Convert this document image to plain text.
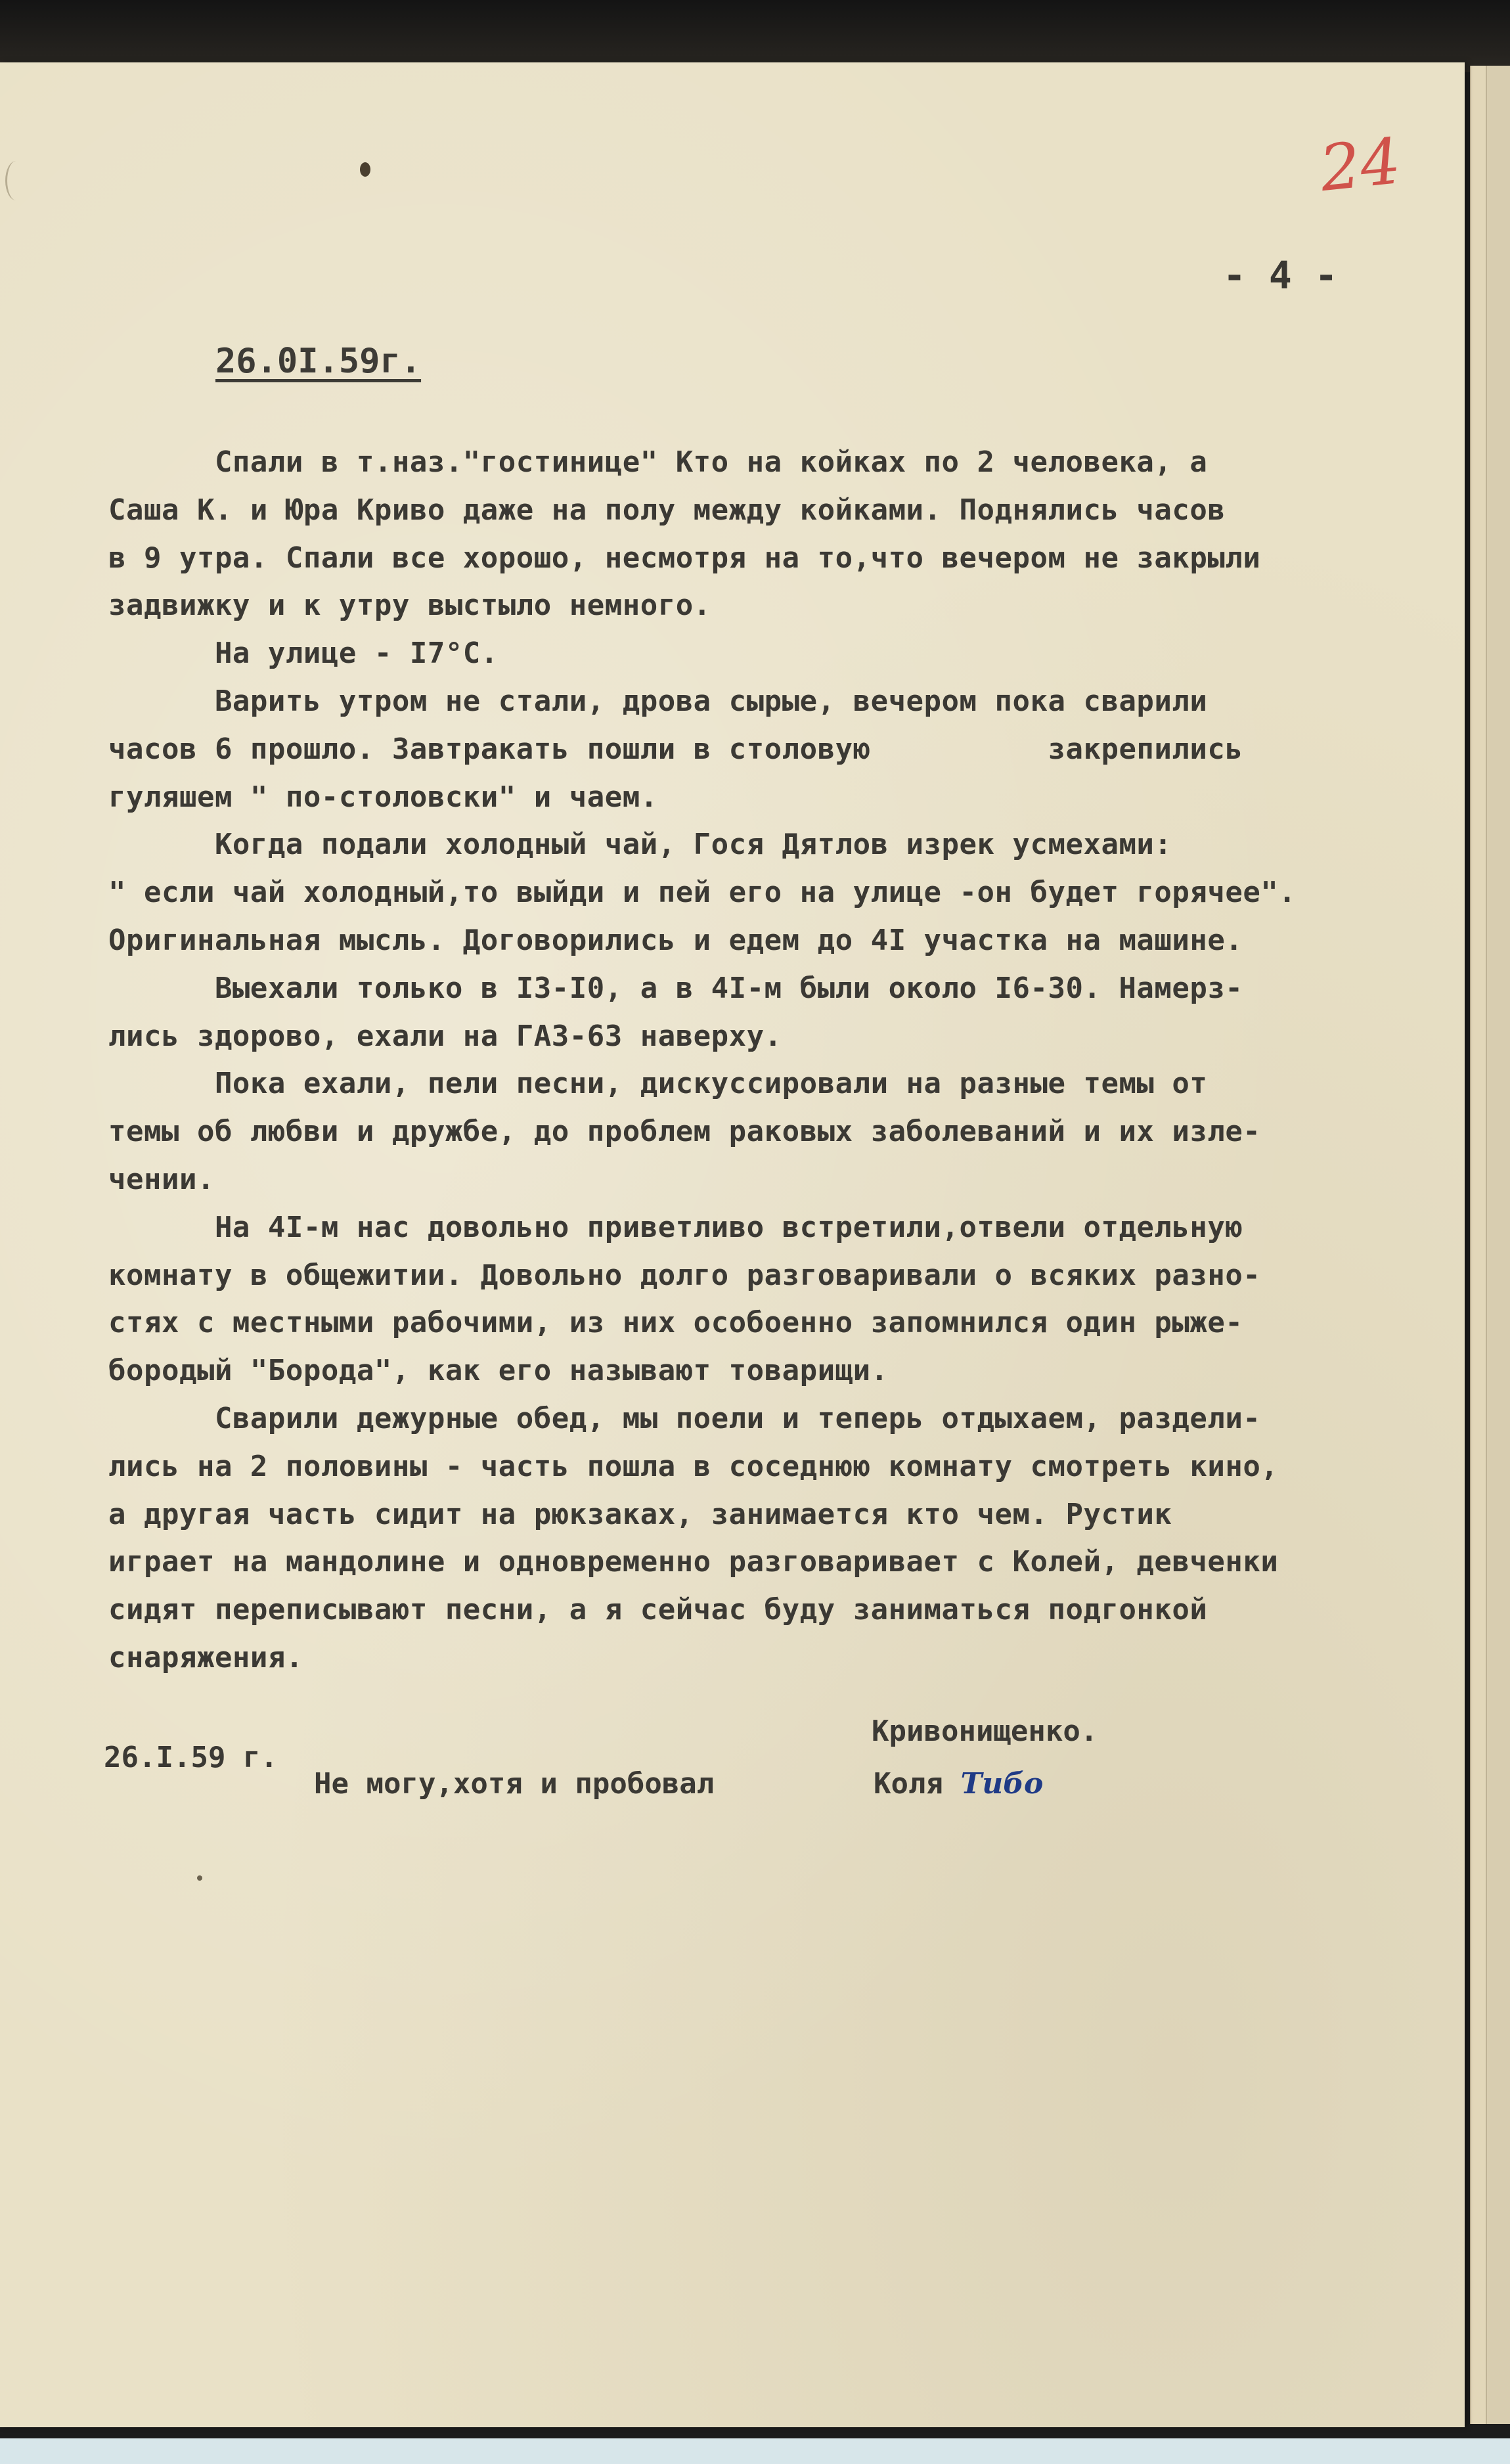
24
- 4 -
26.0I.59г.

Спали в т.наз."гостинице" Кто на койках по 2 человека, а

Саша К. и Юра Криво даже на полу между койками. Поднялись часов

в 9 утра. Спали все хорошо, несмотря на то,что вечером не закрыли

задвижку и к утру выстыло немного.

На улице - I7°С.

Варить утром не стали, дрова сырые, вечером пока сварили

часов 6 прошло. Завтракать пошли в столовую          закрепились

гуляшем " по-столовски" и чаем.

Когда подали холодный чай, Гося Дятлов изрек усмехами:

" если чай холодный,то выйди и пей его на улице -он будет горячее".

Оригинальная мысль. Договорились и едем до 4I участка на машине.

Выехали только в I3-I0, а в 4I-м были около I6-30. Намерз-

лись здорово, ехали на ГАЗ-63 наверху.

Пока ехали, пели песни, дискуссировали на разные темы от

темы об любви и дружбе, до проблем раковых заболеваний и их изле-

чении.

На 4I-м нас довольно приветливо встретили,отвели отдельную

комнату в общежитии. Довольно долго разговаривали о всяких разно-

стях с местными рабочими, из них особоенно запомнился один рыже-

бородый "Борода", как его называют товарищи.

Сварили дежурные обед, мы поели и теперь отдыхаем, раздели-

лись на 2 половины - часть пошла в соседнюю комнату смотреть кино,

а другая часть сидит на рюкзаках, занимается кто чем. Рустик

играет на мандолине и одновременно разговаривает с Колей, девченки

сидят переписывают песни, а я сейчас буду заниматься подгонкой

снаряжения.

Кривонищенко.
26.I.59 г.
Не могу,хотя и пробовал	Коля Тибо
